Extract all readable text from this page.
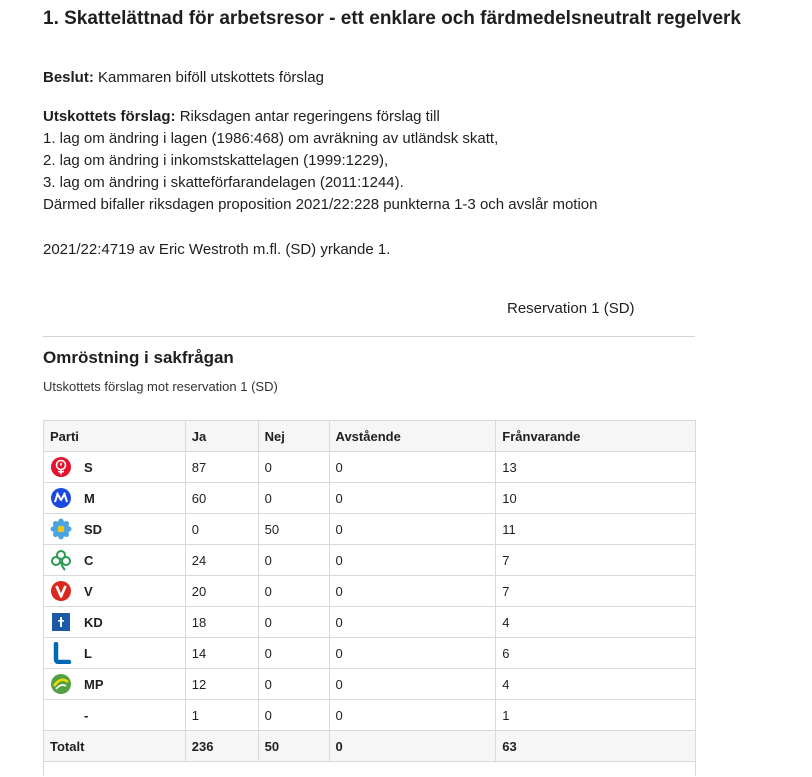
1. Skattelättnad för arbetsresor - ett enklare och färdmedelsneutralt regelverk

Beslut: Kammaren biföll utskottets förslag

Utskottets förslag: Riksdagen antar regeringens förslag till
1. lag om ändring i lagen (1986:468) om avräkning av utländsk skatt,
2. lag om ändring i inkomstskattelagen (1999:1229),
3. lag om ändring i skatteförfarandelagen (2011:1244).
Därmed bifaller riksdagen proposition 2021/22:228 punkterna 1-3 och avslår motion

2021/22:4719 av Eric Westroth m.fl. (SD) yrkande 1.

Reservation 1 (SD)
Omröstning i sakfrågan
Utskottets förslag mot reservation 1 (SD)
Parti	Ja	Nej	Avstående	Frånvarande

S	87	0	0	13

M	60	0	0	10

SD	0	50	0	11

C	24	0	0	7

V	20	0	0	7

KD	18	0	0	4

L	14	0	0	6

MP	12	0	0	4

-	1	0	0	1
Totalt	236	50	0	63
